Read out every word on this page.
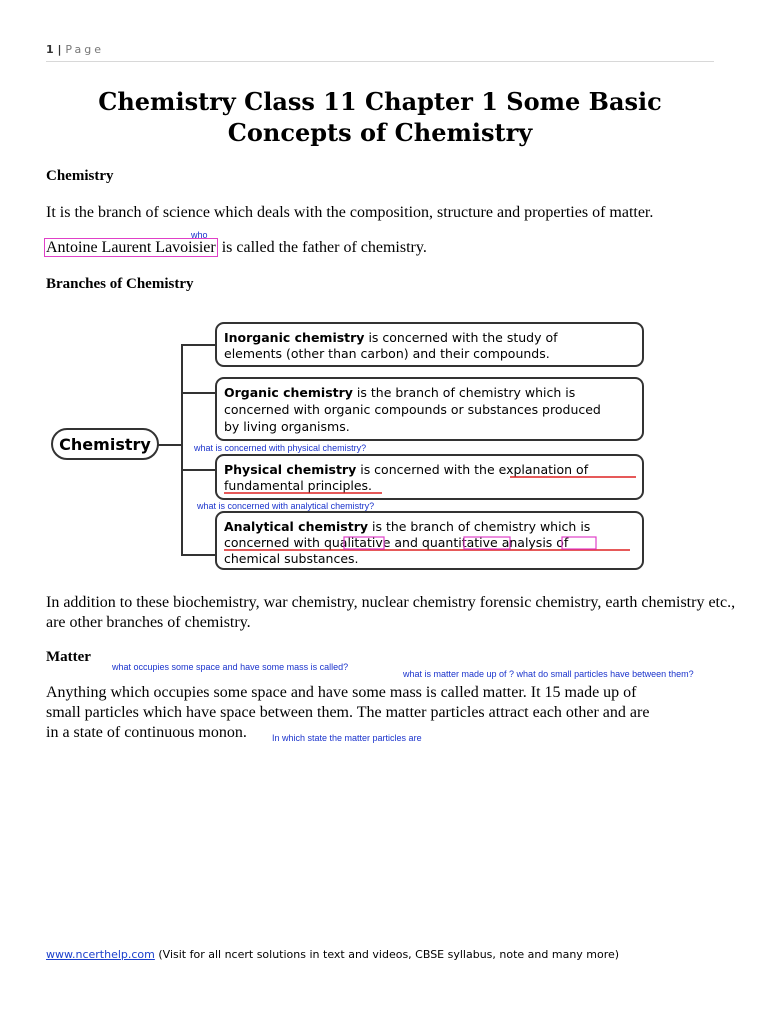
1 | Page
Chemistry Class 11 Chapter 1 Some Basic Concepts of Chemistry
Chemistry
It is the branch of science which deals with the composition, structure and properties of matter.
who
Antoine Laurent Lavoisier is called the father of chemistry.
Branches of Chemistry
Chemistry
Inorganic chemistry is concerned with the study of
elements (other than carbon) and their compounds.
Organic chemistry is the branch of chemistry which is
concerned with organic compounds or substances produced
by living organisms.
Physical chemistry is concerned with the explanation of
fundamental principles.
Analytical chemistry is the branch of chemistry which is
concerned with qualitative and quantitative analysis of
chemical substances.
what is concerned with physical chemistry?
what is concerned with analytical chemistry?
In addition to these biochemistry, war chemistry, nuclear chemistry forensic chemistry, earth chemistry etc., are other branches of chemistry.
Matter
what occupies some space and have some mass is called?
what is matter made up of ? what do small particles have between them?
Anything which occupies some space and have some mass is called matter. It 15 made up of
small particles which have space between them. The matter particles attract each other and are
in a state of continuous monon.	In which state the matter particles are
www.ncerthelp.com (Visit for all ncert solutions in text and videos, CBSE syllabus, note and many more)
